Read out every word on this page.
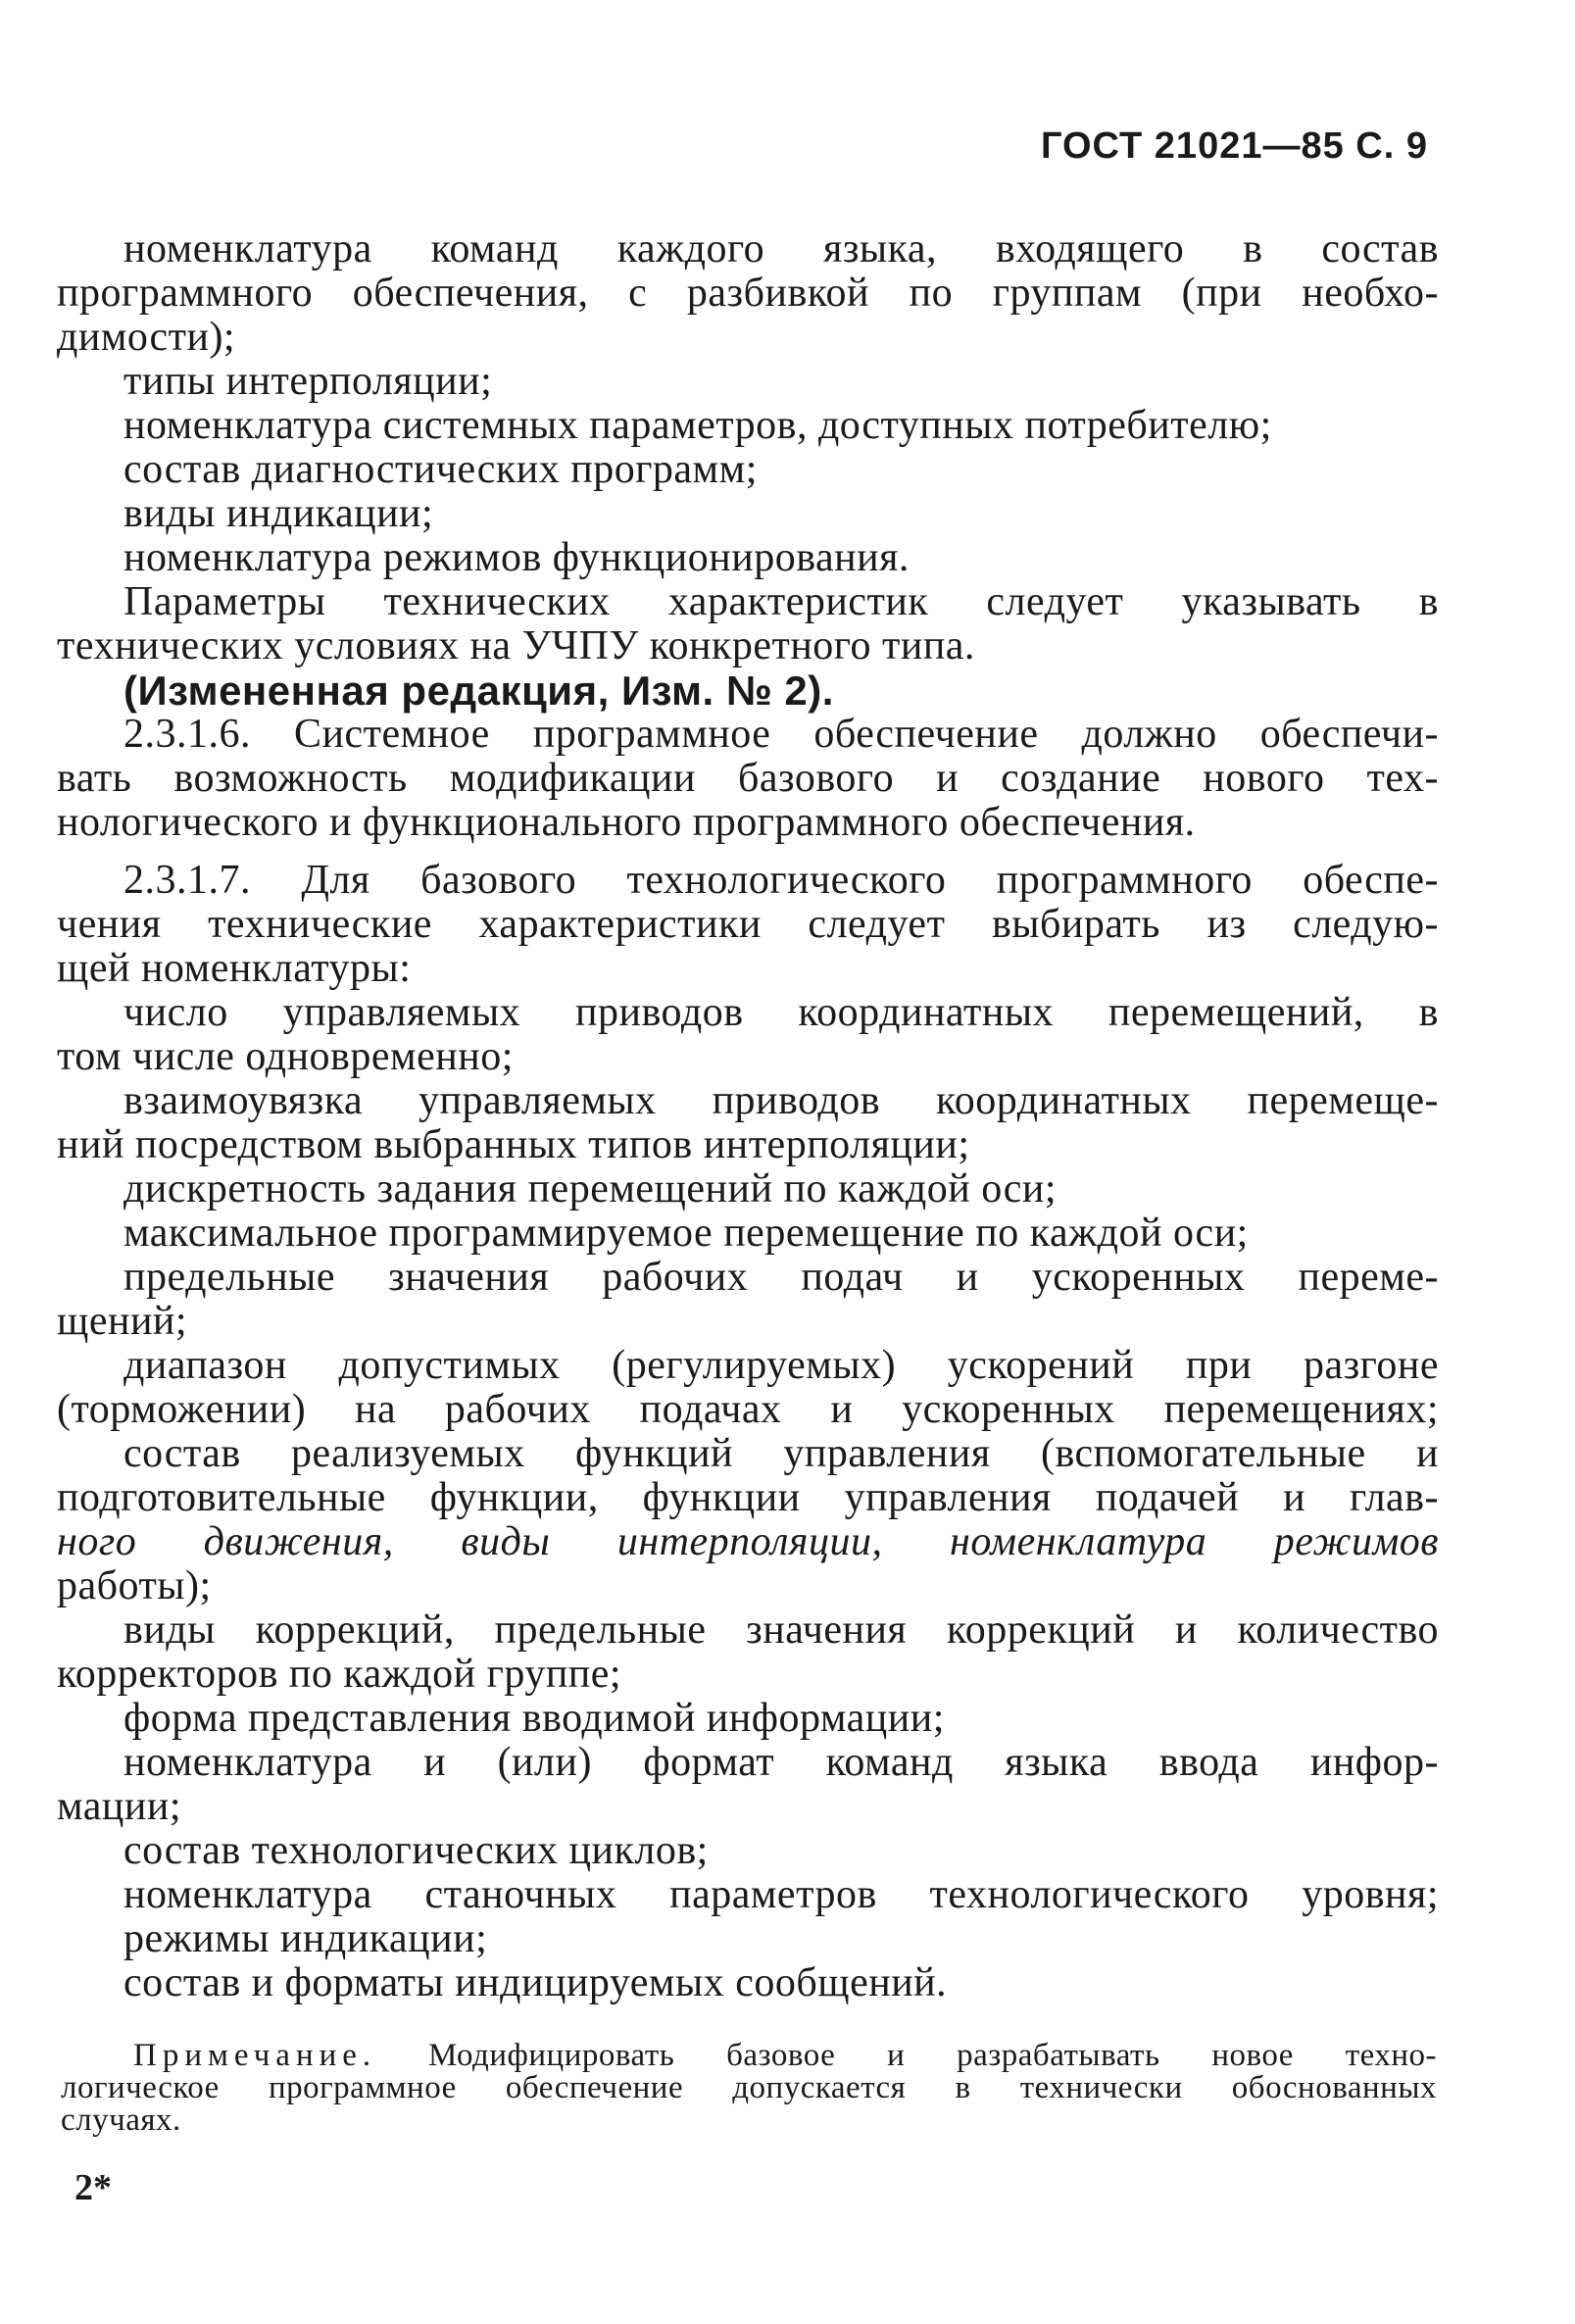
ГОСТ 21021—85 С. 9
номенклатура команд каждого языка, входящего в состав
программного обеспечения, с разбивкой по группам (при необхо-
димости);
типы интерполяции;
номенклатура системных параметров, доступных потребителю;
состав диагностических программ;
виды индикации;
номенклатура режимов функционирования.
Параметры технических характеристик следует указывать в
технических условиях на УЧПУ конкретного типа.
(Измененная редакция, Изм. № 2).
2.3.1.6. Системное программное обеспечение должно обеспечи-
вать возможность модификации базового и создание нового тех-
нологического и функционального программного обеспечения.
2.3.1.7. Для базового технологического программного обеспе-
чения технические характеристики следует выбирать из следую-
щей номенклатуры:
число управляемых приводов координатных перемещений, в
том числе одновременно;
взаимоувязка управляемых приводов координатных перемеще-
ний посредством выбранных типов интерполяции;
дискретность задания перемещений по каждой оси;
максимальное программируемое перемещение по каждой оси;
предельные значения рабочих подач и ускоренных переме-
щений;
диапазон допустимых (регулируемых) ускорений при разгоне
(торможении) на рабочих подачах и ускоренных перемещениях;
состав реализуемых функций управления (вспомогательные и
подготовительные функции, функции управления подачей и глав-
ного движения, виды интерполяции, номенклатура режимов
работы);
виды коррекций, предельные значения коррекций и количество
корректоров по каждой группе;
форма представления вводимой информации;
номенклатура и (или) формат команд языка ввода инфор-
мации;
состав технологических циклов;
номенклатура станочных параметров технологического уровня;
режимы индикации;
состав и форматы индицируемых сообщений.
Примечание. Модифицировать базовое и разрабатывать новое техно-
логическое программное обеспечение допускается в технически обоснованных
случаях.
2*
